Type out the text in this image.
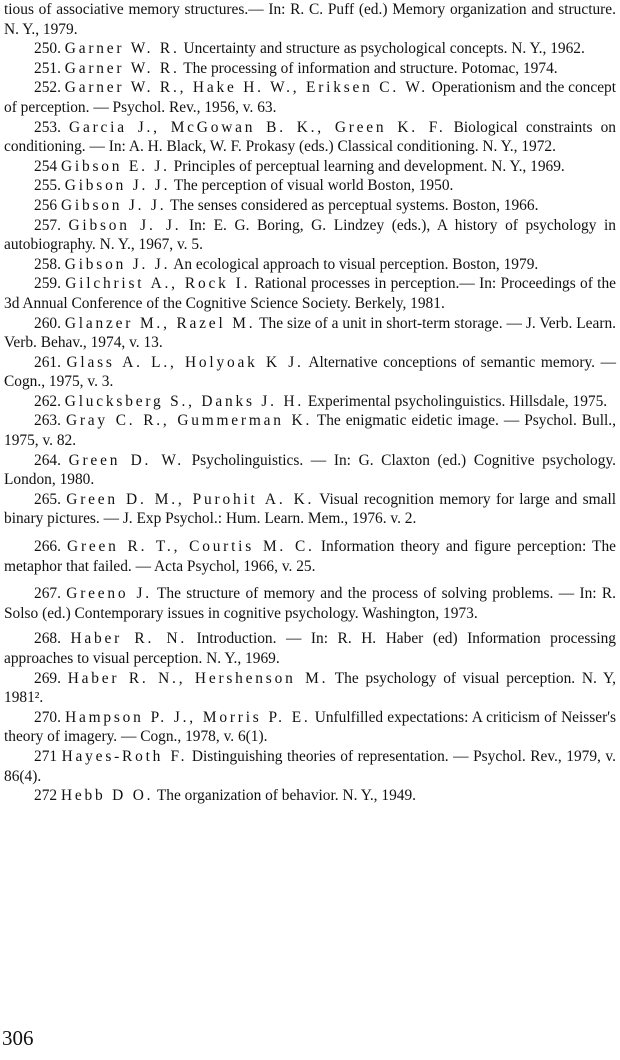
tious of associative memory structures.— In: R. C. Puff (ed.) Memory organization and structure. N. Y., 1979.

250. Garner W. R. Uncertainty and structure as psychological concepts. N. Y., 1962.

251. Garner W. R. The processing of information and structure. Potomac, 1974.

252. Garner W. R., Hake H. W., Eriksen C. W. Operationism and the concept of perception. — Psychol. Rev., 1956, v. 63.

253. Garcia J., McGowan B. K., Green K. F. Biological constraints on conditioning. — In: A. H. Black, W. F. Prokasy (eds.) Classical conditioning. N. Y., 1972.

254 Gibson E. J. Principles of perceptual learning and development. N. Y., 1969.

255. Gibson J. J. The perception of visual world Boston, 1950.

256 Gibson J. J. The senses considered as perceptual systems. Boston, 1966.

257. Gibson J. J. In: E. G. Boring, G. Lindzey (eds.), A history of psychology in autobiography. N. Y., 1967, v. 5.

258. Gibson J. J. An ecological approach to visual perception. Boston, 1979.

259. Gilchrist A., Rock I. Rational processes in perception.— In: Proceedings of the 3d Annual Conference of the Cognitive Science Society. Berkely, 1981.

260. Glanzer M., Razel M. The size of a unit in short-term storage. — J. Verb. Learn. Verb. Behav., 1974, v. 13.

261. Glass A. L., Holyoak K J. Alternative conceptions of semantic memory. — Cogn., 1975, v. 3.

262. Glucksberg S., Danks J. H. Experimental psycholinguistics. Hillsdale, 1975.

263. Gray C. R., Gummerman K. The enigmatic eidetic image. — Psychol. Bull., 1975, v. 82.

264. Green D. W. Psycholinguistics. — In: G. Claxton (ed.) Cognitive psychology. London, 1980.

265. Green D. M., Purohit A. K. Visual recognition memory for large and small binary pictures. — J. Exp Psychol.: Hum. Learn. Mem., 1976. v. 2.

266. Green R. T., Courtis M. C. Information theory and figure perception: The metaphor that failed. — Acta Psychol, 1966, v. 25.

267. Greeno J. The structure of memory and the process of solving problems. — In: R. Solso (ed.) Contemporary issues in cognitive psychology. Washington, 1973.

268. Haber R. N. Introduction. — In: R. H. Haber (ed) Information processing approaches to visual perception. N. Y., 1969.

269. Haber R. N., Hershenson M. The psychology of visual perception. N. Y, 1981².

270. Hampson P. J., Morris P. E. Unfulfilled expectations: A criticism of Neisser's theory of imagery. — Cogn., 1978, v. 6(1).

271 Hayes-Roth F. Distinguishing theories of representation. — Psychol. Rev., 1979, v. 86(4).

272 Hebb D O. The organization of behavior. N. Y., 1949.

306
